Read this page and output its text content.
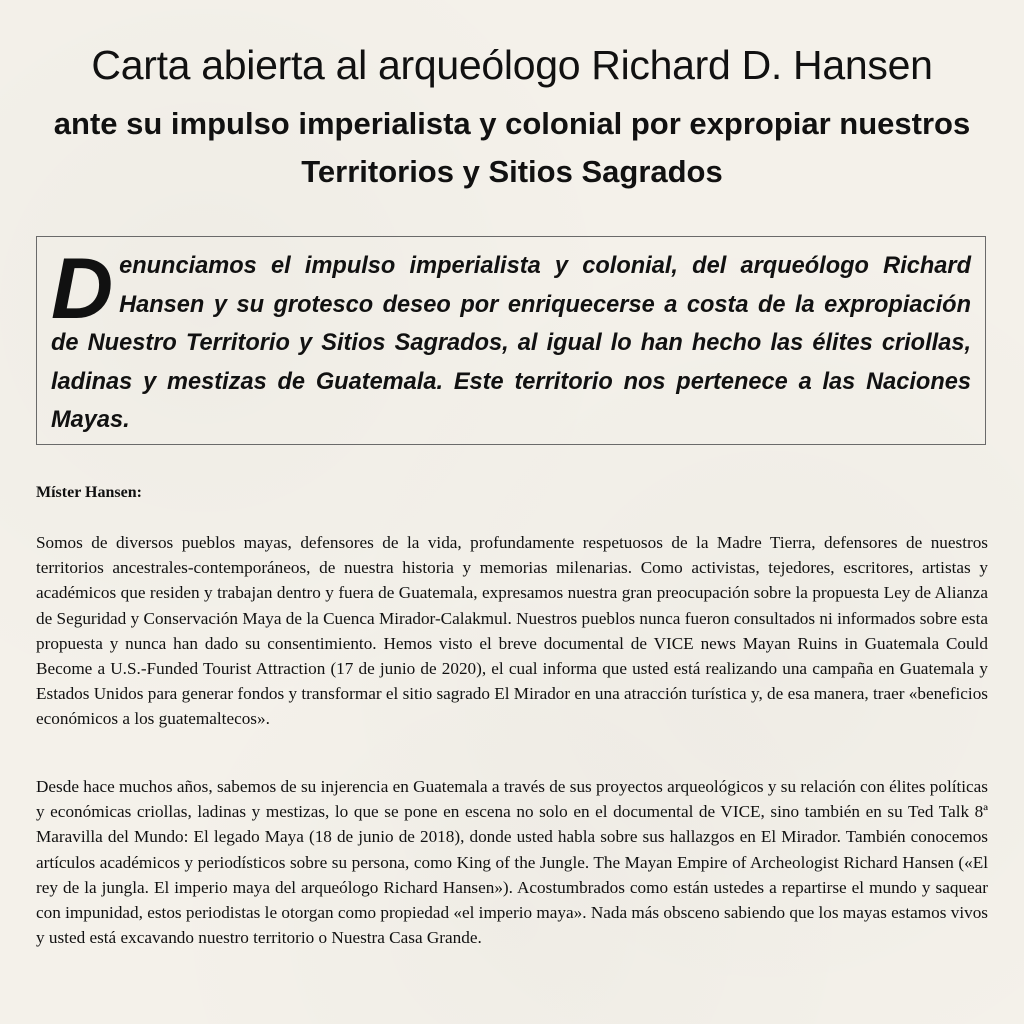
Carta abierta al arqueólogo Richard D. Hansen
ante su impulso imperialista y colonial por expropiar nuestros Territorios y Sitios Sagrados
Denunciamos el impulso imperialista y colonial, del arqueólogo Richard Hansen y su grotesco deseo por enriquecerse a costa de la expropiación de Nuestro Territorio y Sitios Sagrados, al igual lo han hecho las élites criollas, ladinas y mestizas de Guatemala. Este territorio nos pertenece a las Naciones Mayas.

Míster Hansen:

Somos de diversos pueblos mayas, defensores de la vida, profundamente respetuosos de la Madre Tierra, defensores de nuestros territorios ancestrales-contemporáneos, de nuestra historia y memorias milenarias. Como activistas, tejedores, escritores, artistas y académicos que residen y trabajan dentro y fuera de Guatemala, expresamos nuestra gran preocupación sobre la propuesta Ley de Alianza de Seguridad y Conservación Maya de la Cuenca Mirador-Calakmul. Nuestros pueblos nunca fueron consultados ni informados sobre esta propuesta y nunca han dado su consentimiento. Hemos visto el breve documental de VICE news Mayan Ruins in Guatemala Could Become a U.S.-Funded Tourist Attraction (17 de junio de 2020), el cual informa que usted está realizando una campaña en Guatemala y Estados Unidos para generar fondos y transformar el sitio sagrado El Mirador en una atracción turística y, de esa manera, traer «beneficios económicos a los guatemaltecos».

Desde hace muchos años, sabemos de su injerencia en Guatemala a través de sus proyectos arqueológicos y su relación con élites políticas y económicas criollas, ladinas y mestizas, lo que se pone en escena no solo en el documental de VICE, sino también en su Ted Talk 8ª Maravilla del Mundo: El legado Maya (18 de junio de 2018), donde usted habla sobre sus hallazgos en El Mirador. También conocemos artículos académicos y periodísticos sobre su persona, como King of the Jungle. The Mayan Empire of Archeologist Richard Hansen («El rey de la jungla. El imperio maya del arqueólogo Richard Hansen»). Acostumbrados como están ustedes a repartirse el mundo y saquear con impunidad, estos periodistas le otorgan como propiedad «el imperio maya». Nada más obsceno sabiendo que los mayas estamos vivos y usted está excavando nuestro territorio o Nuestra Casa Grande.
